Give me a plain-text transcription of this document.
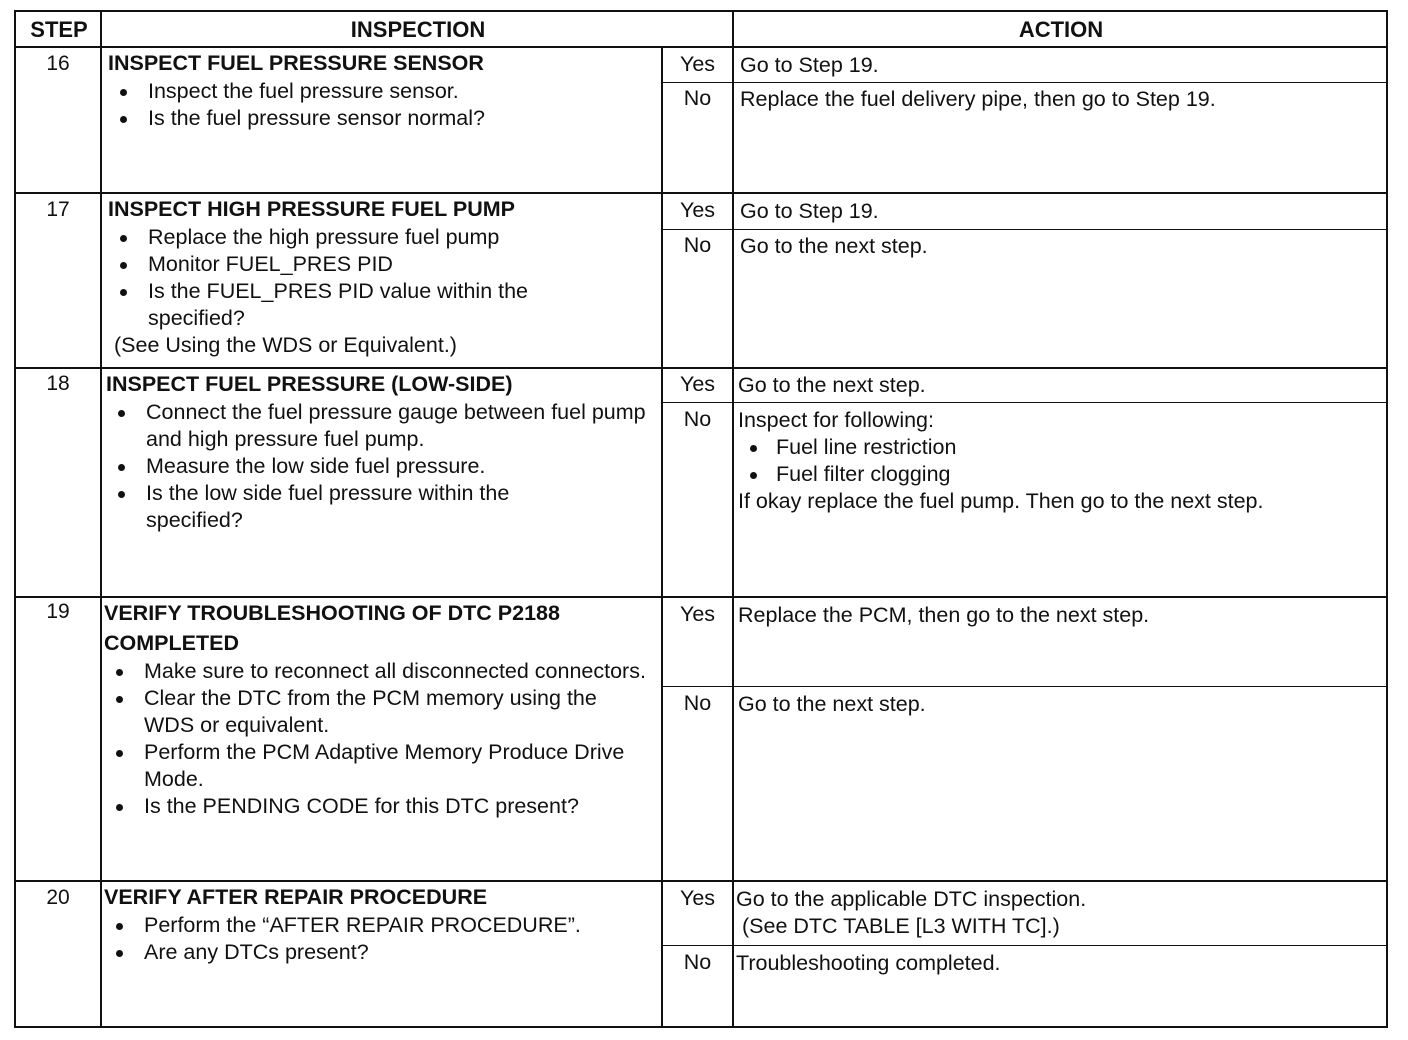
STEP	INSPECTION	ACTION
16	INSPECT FUEL PRESSURE SENSOR
Inspect the fuel pressure sensor.
Is the fuel pressure sensor normal?
Yes	Go to Step 19.
No	Replace the fuel delivery pipe, then go to Step 19.
17	INSPECT HIGH PRESSURE FUEL PUMP
Replace the high pressure fuel pump
Monitor FUEL_PRES PID
Is the FUEL_PRES PID value within the specified?
(See Using the WDS or Equivalent.)
Yes	Go to Step 19.
No	Go to the next step.
18	INSPECT FUEL PRESSURE (LOW-SIDE)
Connect the fuel pressure gauge between fuel pump and high pressure fuel pump.
Measure the low side fuel pressure.
Is the low side fuel pressure within the specified?
Yes	Go to the next step.
No	Inspect for following:
Fuel line restriction
Fuel filter clogging
If okay replace the fuel pump. Then go to the next step.
19	VERIFY TROUBLESHOOTING OF DTC P2188 COMPLETED
Make sure to reconnect all disconnected connectors.
Clear the DTC from the PCM memory using the WDS or equivalent.
Perform the PCM Adaptive Memory Produce Drive Mode.
Is the PENDING CODE for this DTC present?
Yes	Replace the PCM, then go to the next step.
No	Go to the next step.
20	VERIFY AFTER REPAIR PROCEDURE
Perform the “AFTER REPAIR PROCEDURE”.
Are any DTCs present?
Yes Go to the applicable DTC inspection.
(See DTC TABLE [L3 WITH TC].)
No	Troubleshooting completed.
